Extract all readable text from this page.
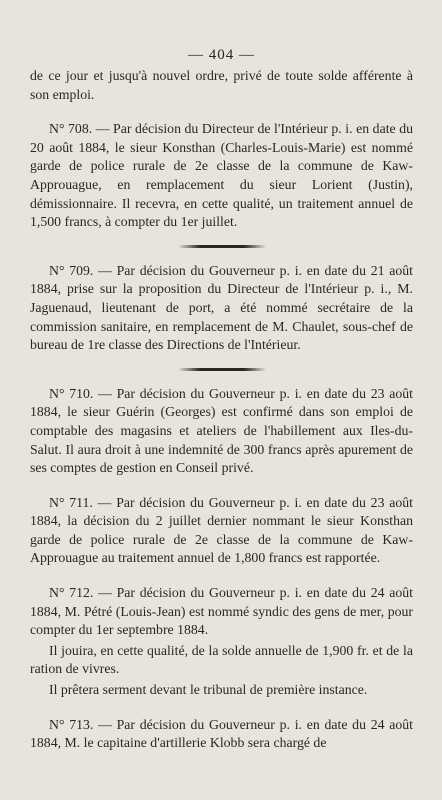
— 404 —

de ce jour et jusqu'à nouvel ordre, privé de toute solde afférente à son emploi.

N° 708. — Par décision du Directeur de l'Intérieur p. i. en date du 20 août 1884, le sieur Konsthan (Charles-Louis-Marie) est nommé garde de police rurale de 2e classe de la commune de Kaw-Approuague, en remplacement du sieur Lorient (Justin), démissionnaire. Il recevra, en cette qualité, un traitement annuel de 1,500 francs, à compter du 1er juillet.

N° 709. — Par décision du Gouverneur p. i. en date du 21 août 1884, prise sur la proposition du Directeur de l'Intérieur p. i., M. Jaguenaud, lieutenant de port, a été nommé secrétaire de la commission sanitaire, en remplacement de M. Chaulet, sous-chef de bureau de 1re classe des Directions de l'Intérieur.

N° 710. — Par décision du Gouverneur p. i. en date du 23 août 1884, le sieur Guérin (Georges) est confirmé dans son emploi de comptable des magasins et ateliers de l'habillement aux Iles-du-Salut. Il aura droit à une indemnité de 300 francs après apurement de ses comptes de gestion en Conseil privé.

N° 711. — Par décision du Gouverneur p. i. en date du 23 août 1884, la décision du 2 juillet dernier nommant le sieur Konsthan garde de police rurale de 2e classe de la commune de Kaw-Approuague au traitement annuel de 1,800 francs est rapportée.

N° 712. — Par décision du Gouverneur p. i. en date du 24 août 1884, M. Pétré (Louis-Jean) est nommé syndic des gens de mer, pour compter du 1er septembre 1884.

Il jouira, en cette qualité, de la solde annuelle de 1,900 fr. et de la ration de vivres.

Il prêtera serment devant le tribunal de première instance.

N° 713. — Par décision du Gouverneur p. i. en date du 24 août 1884, M. le capitaine d'artillerie Klobb sera chargé de
